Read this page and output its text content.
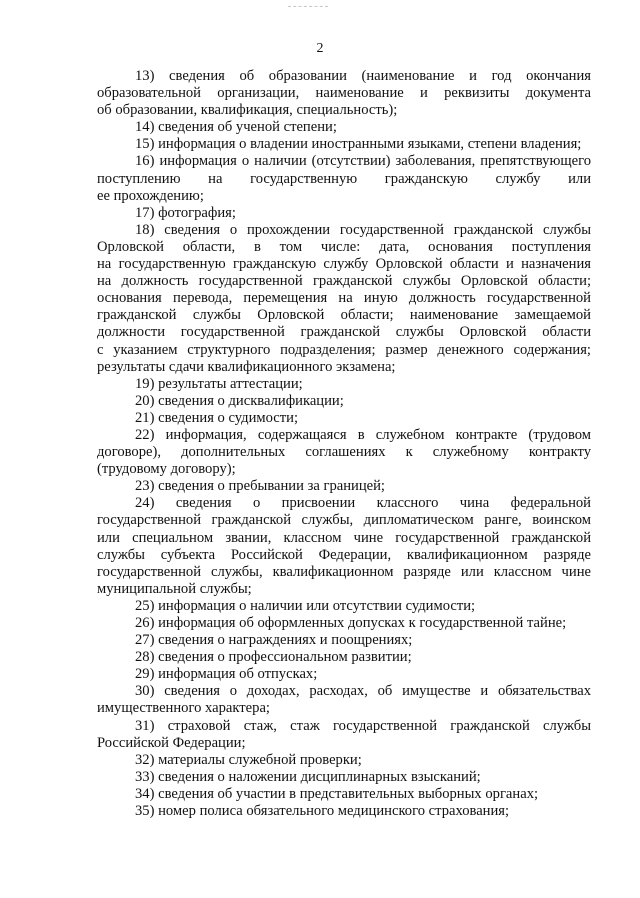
2
13) сведения об образовании (наименование и год окончания
образовательной организации, наименование и реквизиты документа
об образовании, квалификация, специальность);
14) сведения об ученой степени;
15) информация о владении иностранными языками, степени владения;
16) информация о наличии (отсутствии) заболевания, препятствующего
поступлению на государственную гражданскую службу или
ее прохождению;
17) фотография;
18) сведения о прохождении государственной гражданской службы
Орловской области, в том числе: дата, основания поступления
на государственную гражданскую службу Орловской области и назначения
на должность государственной гражданской службы Орловской области;
основания перевода, перемещения на иную должность государственной
гражданской службы Орловской области; наименование замещаемой
должности государственной гражданской службы Орловской области
с указанием структурного подразделения; размер денежного содержания;
результаты сдачи квалификационного экзамена;
19) результаты аттестации;
20) сведения о дисквалификации;
21) сведения о судимости;
22) информация, содержащаяся в служебном контракте (трудовом
договоре), дополнительных соглашениях к служебному контракту
(трудовому договору);
23) сведения о пребывании за границей;
24) сведения о присвоении классного чина федеральной
государственной гражданской службы, дипломатическом ранге, воинском
или специальном звании, классном чине государственной гражданской
службы субъекта Российской Федерации, квалификационном разряде
государственной службы, квалификационном разряде или классном чине
муниципальной службы;
25) информация о наличии или отсутствии судимости;
26) информация об оформленных допусках к государственной тайне;
27) сведения о награждениях и поощрениях;
28) сведения о профессиональном развитии;
29) информация об отпусках;
30) сведения о доходах, расходах, об имуществе и обязательствах
имущественного характера;
31) страховой стаж, стаж государственной гражданской службы
Российской Федерации;
32) материалы служебной проверки;
33) сведения о наложении дисциплинарных взысканий;
34) сведения об участии в представительных выборных органах;
35) номер полиса обязательного медицинского страхования;
